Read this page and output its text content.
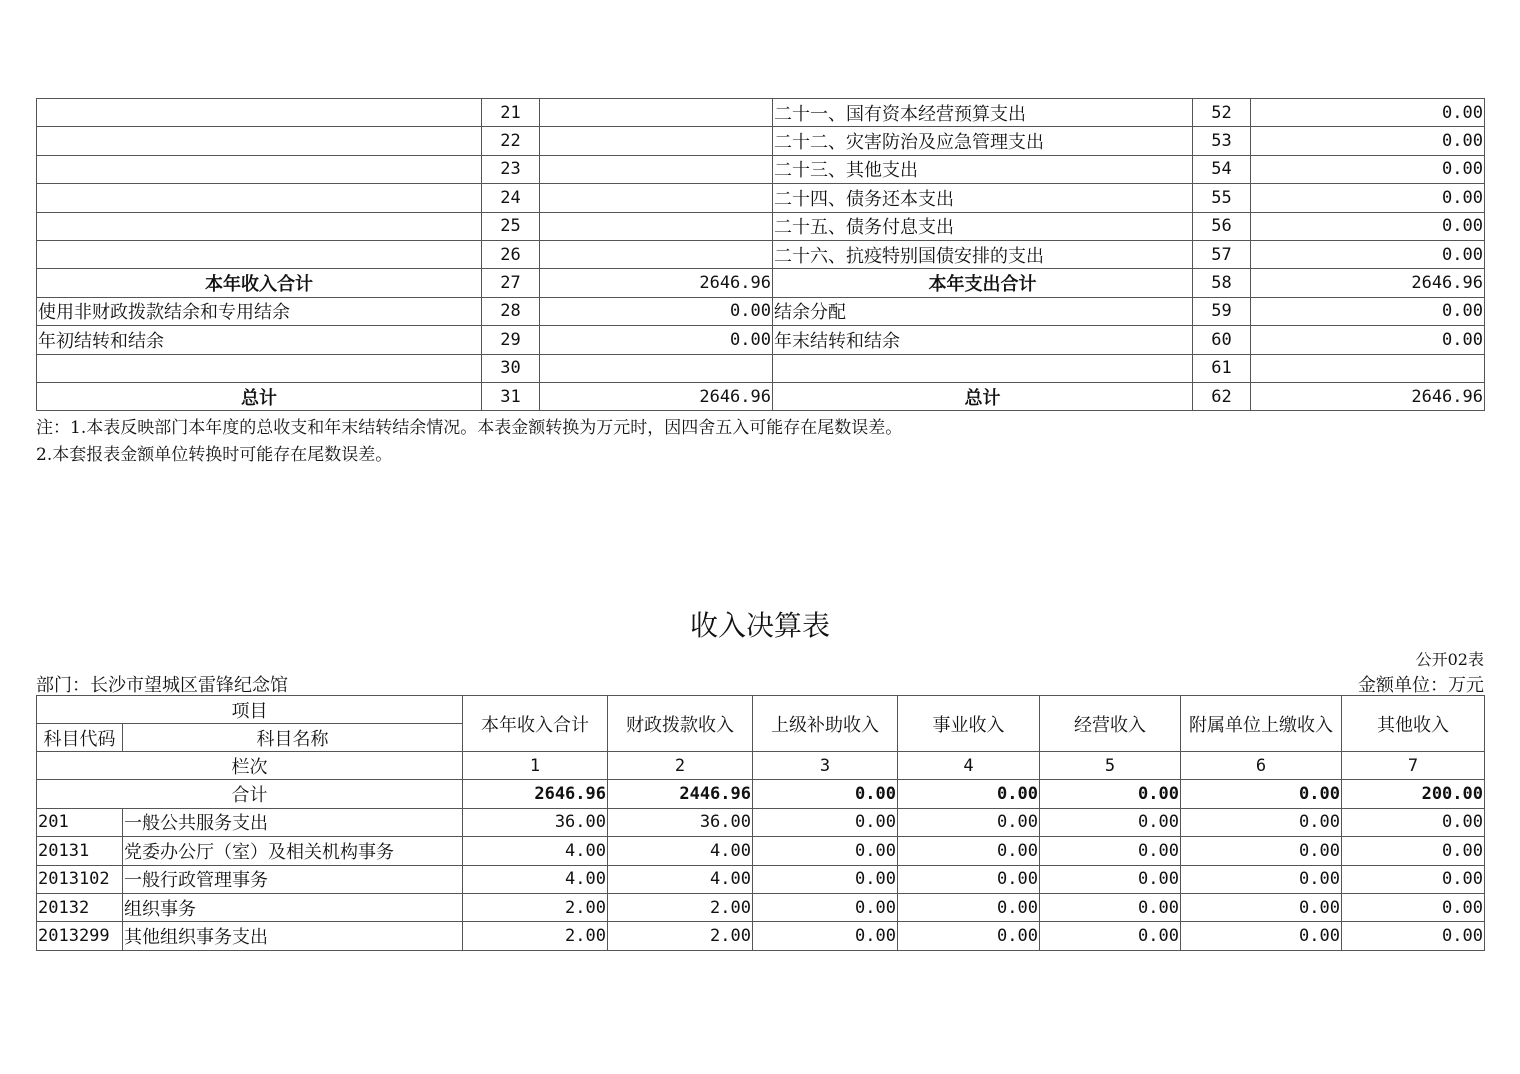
	21		二十一、国有资本经营预算支出	52	0.00
	22		二十二、灾害防治及应急管理支出	53	0.00
	23		二十三、其他支出	54	0.00
	24		二十四、债务还本支出	55	0.00
	25		二十五、债务付息支出	56	0.00
	26		二十六、抗疫特别国债安排的支出	57	0.00
本年收入合计	27	2646.96	本年支出合计	58	2646.96
使用非财政拨款结余和专用结余	28	0.00	结余分配	59	0.00
年初结转和结余	29	0.00	年末结转和结余	60	0.00
	30			61	
总计	31	2646.96	总计	62	2646.96
注：1.本表反映部门本年度的总收支和年末结转结余情况。本表金额转换为万元时，因四舍五入可能存在尾数误差。
2.本套报表金额单位转换时可能存在尾数误差。
收入决算表
公开02表
部门：长沙市望城区雷锋纪念馆	金额单位：万元
项目		本年收入合计	财政拨款收入	上级补助收入	事业收入	经营收入	附属单位上缴收入	其他收入
科目代码	科目名称							
栏次		1	2	3	4	5	6	7
合计		2646.96	2446.96	0.00	0.00	0.00	0.00	200.00
201	一般公共服务支出	36.00	36.00	0.00	0.00	0.00	0.00	0.00
20131	党委办公厅（室）及相关机构事务	4.00	4.00	0.00	0.00	0.00	0.00	0.00
2013102	一般行政管理事务	4.00	4.00	0.00	0.00	0.00	0.00	0.00
20132	组织事务	2.00	2.00	0.00	0.00	0.00	0.00	0.00
2013299	其他组织事务支出	2.00	2.00	0.00	0.00	0.00	0.00	0.00
